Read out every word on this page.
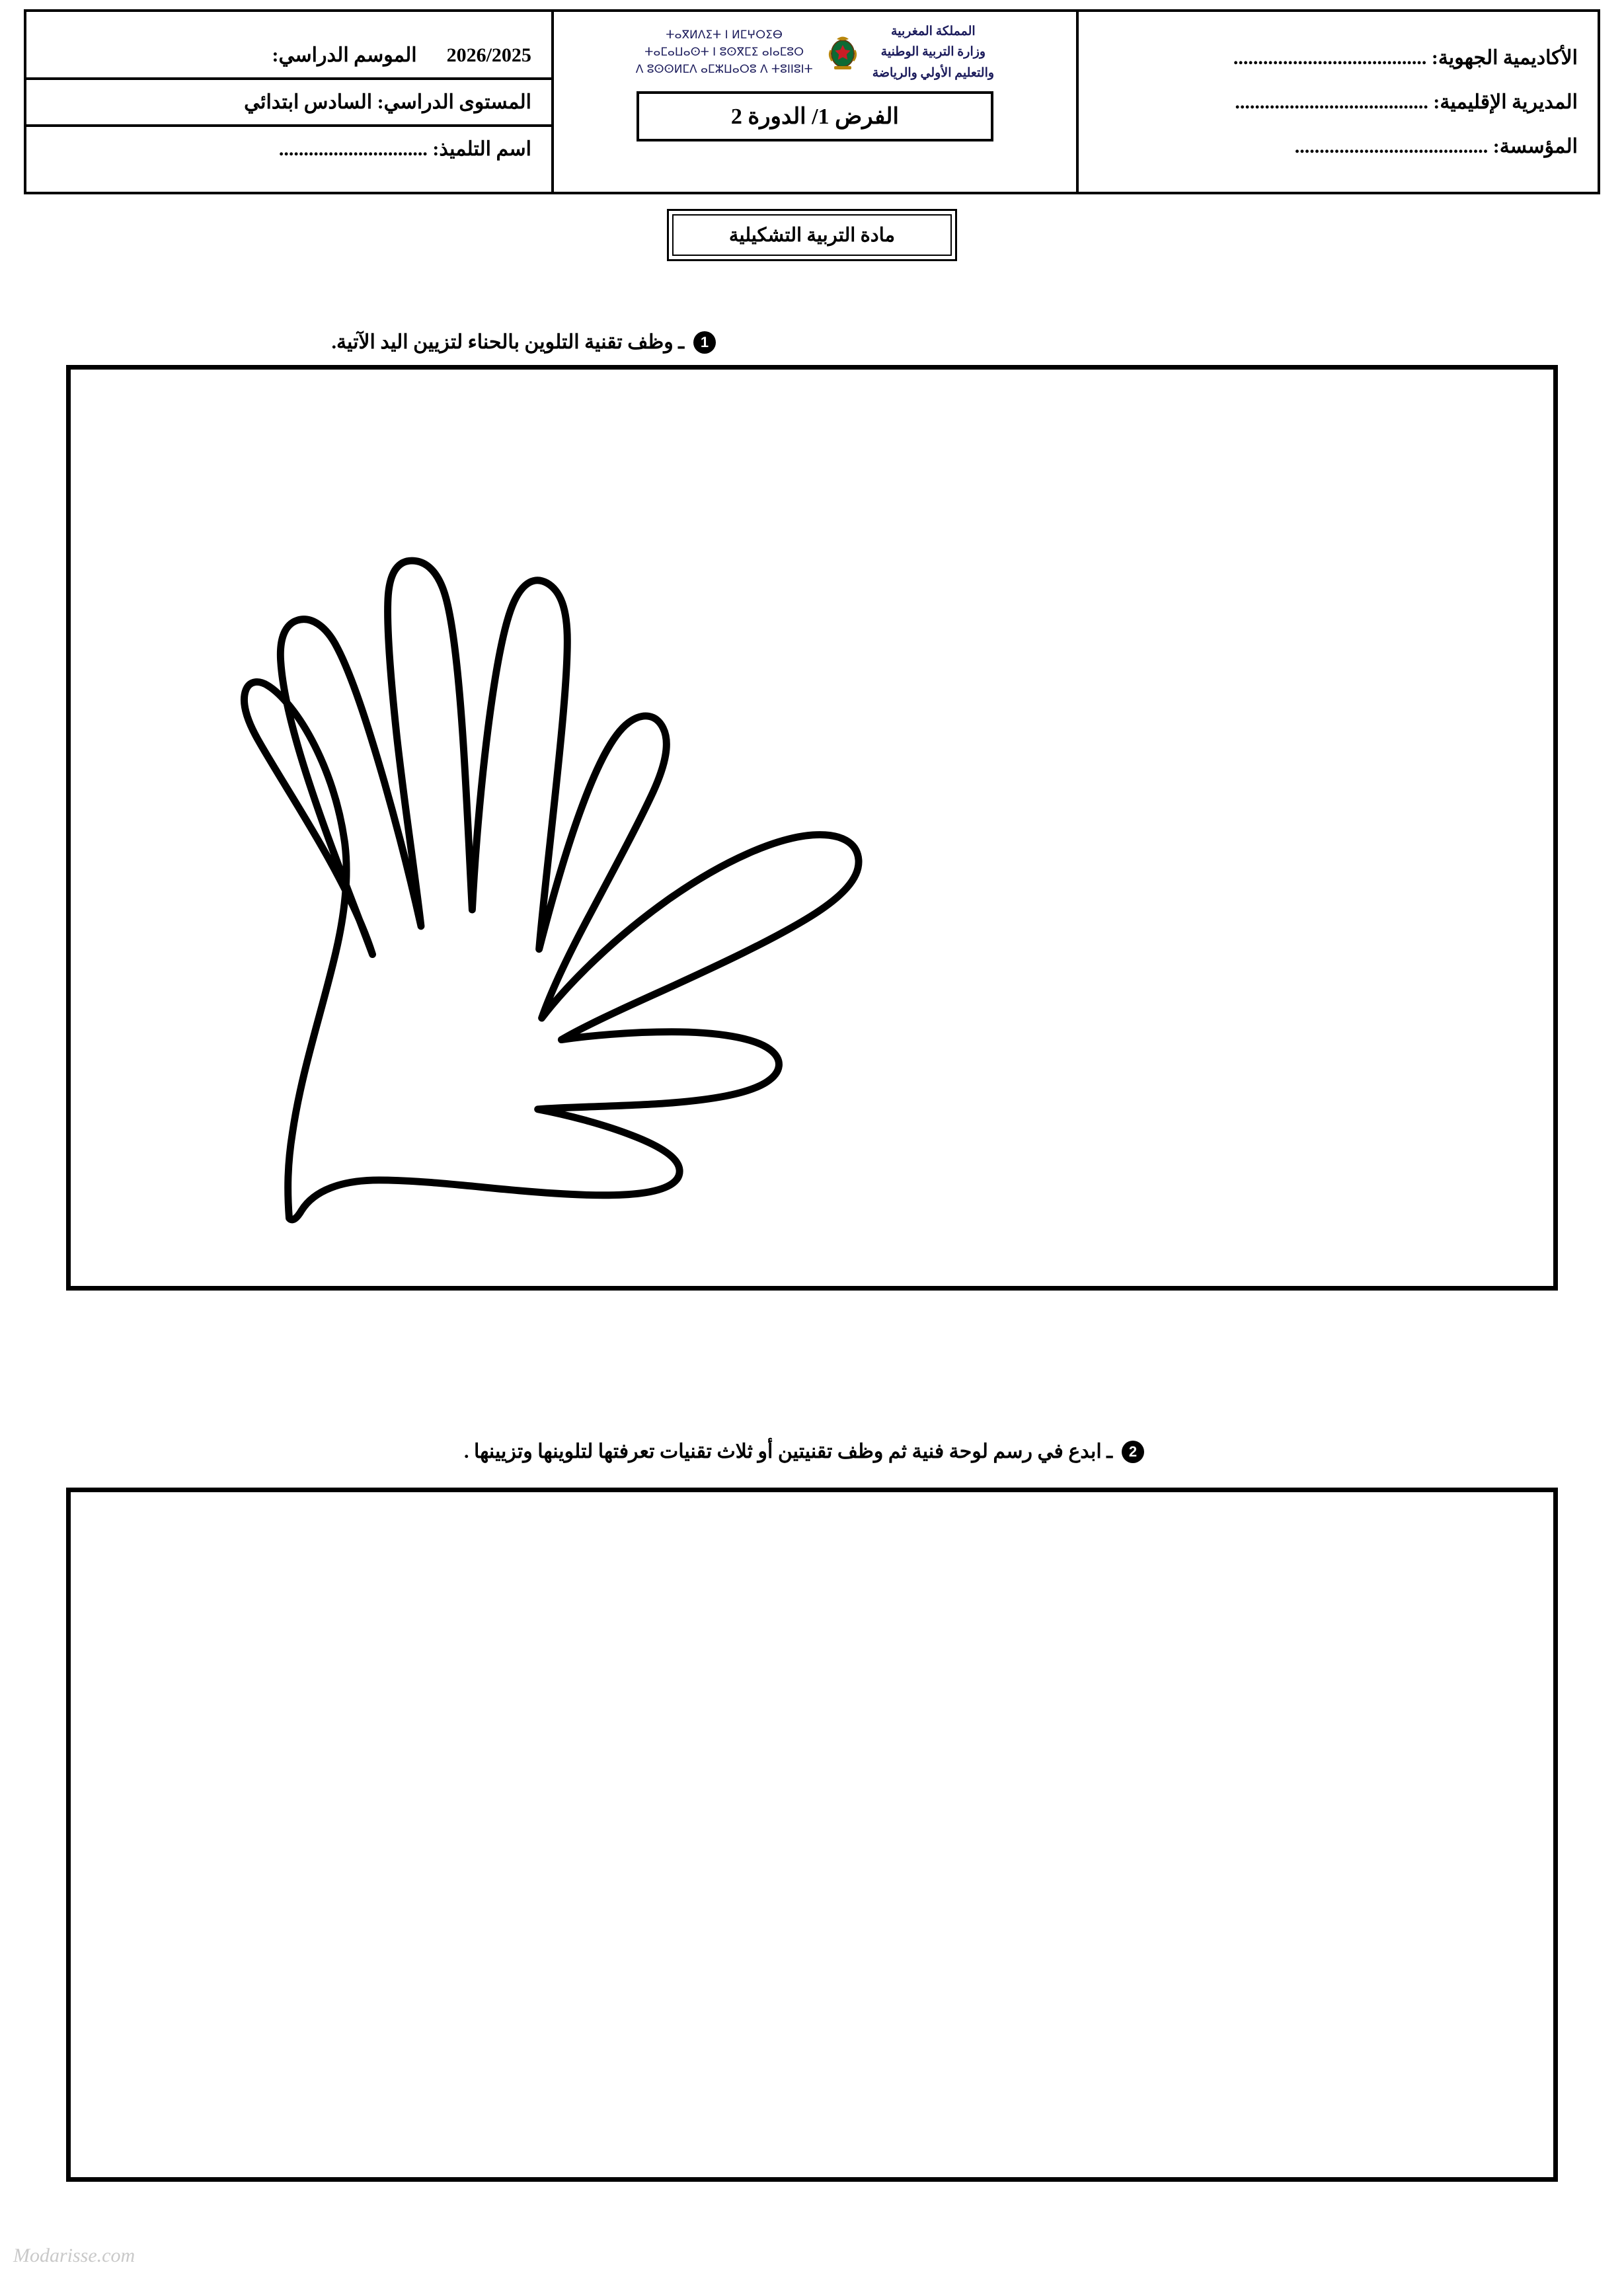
الأكاديمية الجهوية: .......................................
المديرية الإقليمية: .......................................
المؤسسة: .......................................
المملكة المغربية
وزارة التربية الوطنية
والتعليم الأولي والرياضة
ⵜⴰⴳⵍⴷⵉⵜ ⵏ ⵍⵎⵖⵔⵉⴱ
ⵜⴰⵎⴰⵡⴰⵙⵜ ⵏ ⵓⵙⴳⵎⵉ ⴰⵏⴰⵎⵓⵔ
ⴷ ⵓⵙⵙⵍⵎⴷ ⴰⵎⵣⵡⴰⵔⵓ ⴷ ⵜⵓⵏⵏⵓⵏⵜ
الفرض 1/ الدورة 2
2026/2025      الموسم الدراسي:
المستوى الدراسي: السادس ابتدائي
اسم التلميذ: ..............................
مادة التربية التشكيلية
1
ـ وظف تقنية التلوين بالحناء لتزيين اليد الآتية.
2
ـ ابدع في رسم لوحة فنية ثم وظف تقنيتين أو ثلاث تقنيات تعرفتها لتلوينها وتزيينها .
Modarisse.com
